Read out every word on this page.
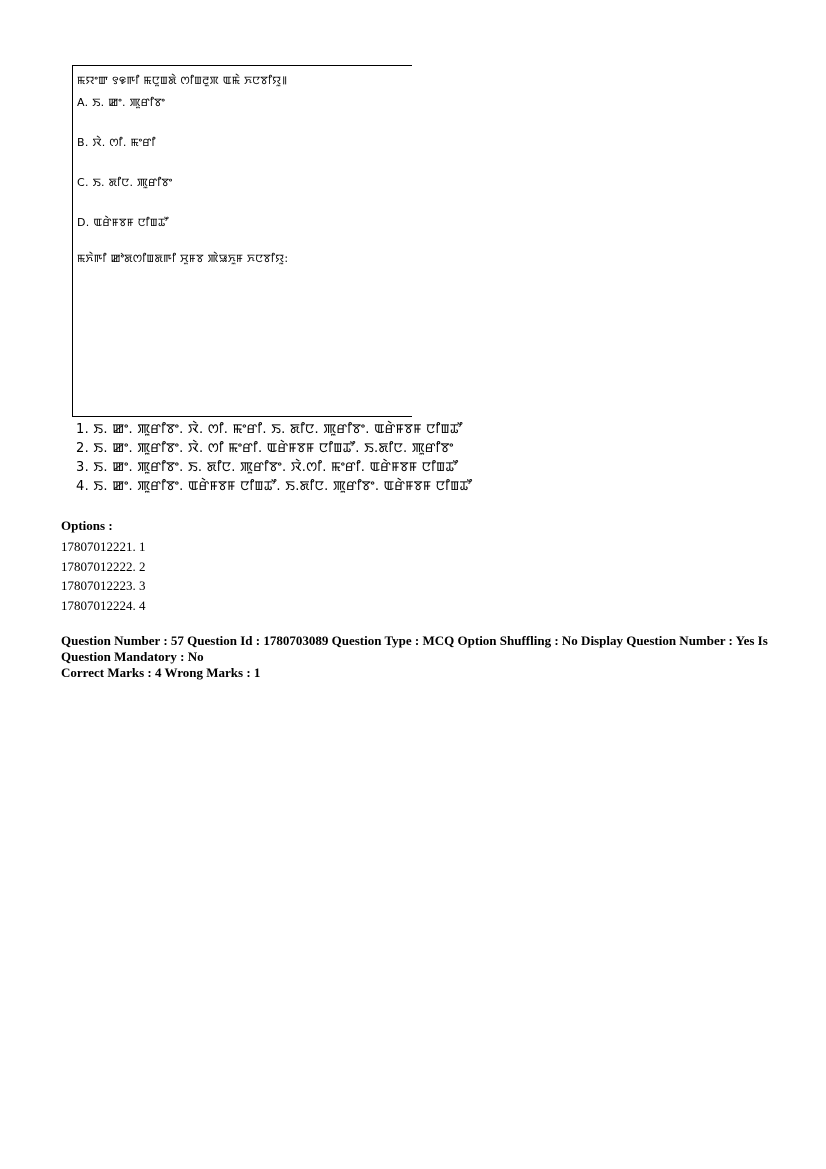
ꯃꯌꯦꯛ ꯱꯶ꯒꯤ ꯃꯅꯨꯡꯗꯥ ꯁꯤꯡꯂꯨꯞ ꯑꯃꯥ ꯈꯅꯕꯤꯌꯨ꯫
A. ꯏ. ꯀꯦ. ꯄꯨꯔꯤꯕꯦ
B. ꯋꯥ. ꯁꯤ. ꯃꯦꯔꯤ
C. ꯏ. ꯗꯤꯅ. ꯄꯨꯔꯤꯕꯦ
D. ꯑꯔꯥꯝꯕꯝ ꯅꯤꯡꯊꯧ
ꯃꯈꯥꯒꯤ ꯀꯣꯗꯁꯤꯡꯗꯒꯤ ꯆꯨꯝꯕ ꯄꯥꯎꯈꯨꯝ ꯈꯅꯕꯤꯌꯨ:
1. ꯏ. ꯀꯦ. ꯄꯨꯔꯤꯕꯦ. ꯋꯥ. ꯁꯤ. ꯃꯦꯔꯤ. ꯏ. ꯗꯤꯅ. ꯄꯨꯔꯤꯕꯦ. ꯑꯔꯥꯝꯕꯝ ꯅꯤꯡꯊꯧ
2. ꯏ. ꯀꯦ. ꯄꯨꯔꯤꯕꯦ. ꯋꯥ. ꯁꯤ ꯃꯦꯔꯤ. ꯑꯔꯥꯝꯕꯝ ꯅꯤꯡꯊꯧ. ꯏ.ꯗꯤꯅ. ꯄꯨꯔꯤꯕꯦ
3. ꯏ. ꯀꯦ. ꯄꯨꯔꯤꯕꯦ. ꯏ. ꯗꯤꯅ. ꯄꯨꯔꯤꯕꯦ. ꯋꯥ.ꯁꯤ. ꯃꯦꯔꯤ. ꯑꯔꯥꯝꯕꯝ ꯅꯤꯡꯊꯧ
4. ꯏ. ꯀꯦ. ꯄꯨꯔꯤꯕꯦ. ꯑꯔꯥꯝꯕꯝ ꯅꯤꯡꯊꯧ. ꯏ.ꯗꯤꯅ. ꯄꯨꯔꯤꯕꯦ. ꯑꯔꯥꯝꯕꯝ ꯅꯤꯡꯊꯧ
Options :
17807012221. 1
17807012222. 2
17807012223. 3
17807012224. 4
Question Number : 57 Question Id : 1780703089 Question Type : MCQ Option Shuffling : No Display Question Number : Yes Is
Question Mandatory : No
Correct Marks : 4 Wrong Marks : 1
